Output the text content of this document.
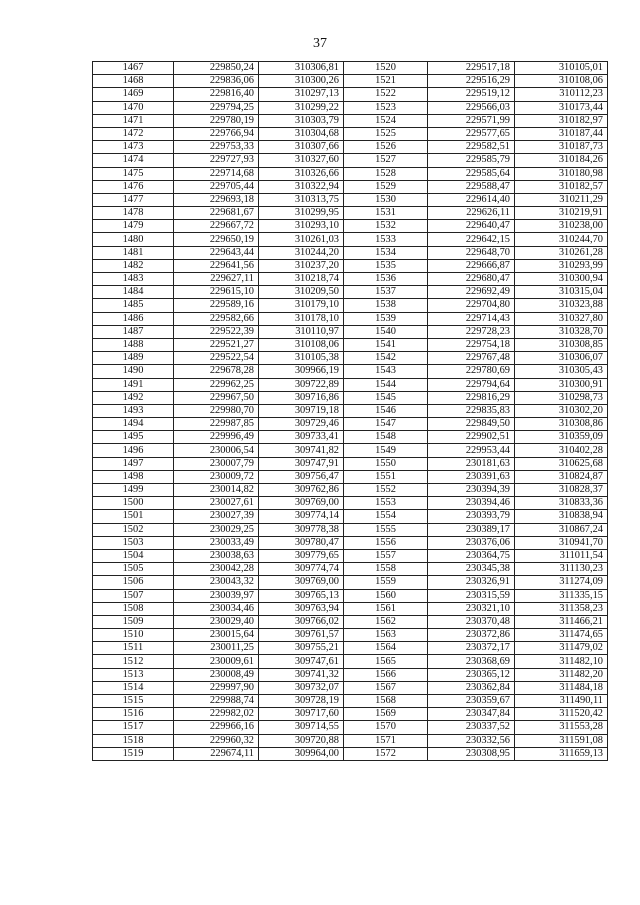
37
1467	229850,24	310306,81	1520	229517,18	310105,01
1468	229836,06	310300,26	1521	229516,29	310108,06
1469	229816,40	310297,13	1522	229519,12	310112,23
1470	229794,25	310299,22	1523	229566,03	310173,44
1471	229780,19	310303,79	1524	229571,99	310182,97
1472	229766,94	310304,68	1525	229577,65	310187,44
1473	229753,33	310307,66	1526	229582,51	310187,73
1474	229727,93	310327,60	1527	229585,79	310184,26
1475	229714,68	310326,66	1528	229585,64	310180,98
1476	229705,44	310322,94	1529	229588,47	310182,57
1477	229693,18	310313,75	1530	229614,40	310211,29
1478	229681,67	310299,95	1531	229626,11	310219,91
1479	229667,72	310293,10	1532	229640,47	310238,00
1480	229650,19	310261,03	1533	229642,15	310244,70
1481	229643,44	310244,20	1534	229648,70	310261,28
1482	229641,56	310237,20	1535	229666,87	310293,99
1483	229627,11	310218,74	1536	229680,47	310300,94
1484	229615,10	310209,50	1537	229692,49	310315,04
1485	229589,16	310179,10	1538	229704,80	310323,88
1486	229582,66	310178,10	1539	229714,43	310327,80
1487	229522,39	310110,97	1540	229728,23	310328,70
1488	229521,27	310108,06	1541	229754,18	310308,85
1489	229522,54	310105,38	1542	229767,48	310306,07
1490	229678,28	309966,19	1543	229780,69	310305,43
1491	229962,25	309722,89	1544	229794,64	310300,91
1492	229967,50	309716,86	1545	229816,29	310298,73
1493	229980,70	309719,18	1546	229835,83	310302,20
1494	229987,85	309729,46	1547	229849,50	310308,86
1495	229996,49	309733,41	1548	229902,51	310359,09
1496	230006,54	309741,82	1549	229953,44	310402,28
1497	230007,79	309747,91	1550	230181,63	310625,68
1498	230009,72	309756,47	1551	230391,63	310824,87
1499	230014,82	309762,86	1552	230394,39	310828,37
1500	230027,61	309769,00	1553	230394,46	310833,36
1501	230027,39	309774,14	1554	230393,79	310838,94
1502	230029,25	309778,38	1555	230389,17	310867,24
1503	230033,49	309780,47	1556	230376,06	310941,70
1504	230038,63	309779,65	1557	230364,75	311011,54
1505	230042,28	309774,74	1558	230345,38	311130,23
1506	230043,32	309769,00	1559	230326,91	311274,09
1507	230039,97	309765,13	1560	230315,59	311335,15
1508	230034,46	309763,94	1561	230321,10	311358,23
1509	230029,40	309766,02	1562	230370,48	311466,21
1510	230015,64	309761,57	1563	230372,86	311474,65
1511	230011,25	309755,21	1564	230372,17	311479,02
1512	230009,61	309747,61	1565	230368,69	311482,10
1513	230008,49	309741,32	1566	230365,12	311482,20
1514	229997,90	309732,07	1567	230362,84	311484,18
1515	229988,74	309728,19	1568	230359,67	311490,11
1516	229982,02	309717,60	1569	230347,84	311520,42
1517	229966,16	309714,55	1570	230337,52	311553,28
1518	229960,32	309720,88	1571	230332,56	311591,08
1519	229674,11	309964,00	1572	230308,95	311659,13
